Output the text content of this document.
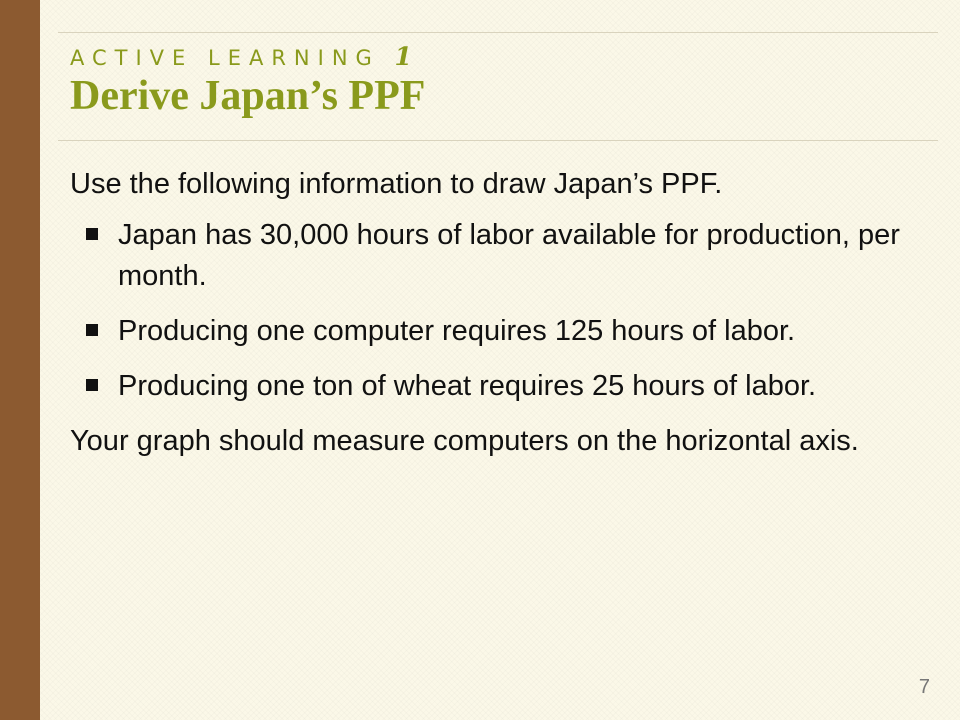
ACTIVE LEARNING 1
Derive Japan’s PPF

Use the following information to draw Japan’s PPF.

Japan has 30,000 hours of labor available for production, per month.
Producing one computer requires 125 hours of labor.
Producing one ton of wheat requires 25 hours of labor.

Your graph should measure computers on the horizontal axis.

7
